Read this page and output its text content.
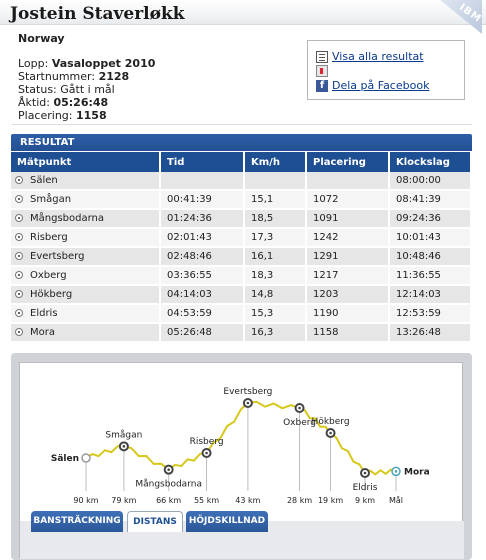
Jostein Staverløkk	IBM
Norway
Lopp: Vasaloppet 2010
Startnummer: 2128
Status: Gått i mål
Åktid: 05:26:48
Placering: 1158
Visa alla resultat
f Dela på Facebook
RESULTAT
Mätpunkt	Tid	Km/h	Placering	Klockslag
Sälen				08:00:00
Smågan	00:41:39	15,1	1072	08:41:39
Mångsbodarna	01:24:36	18,5	1091	09:24:36
Risberg	02:01:43	17,3	1242	10:01:43
Evertsberg	02:48:46	16,1	1291	10:48:46
Oxberg	03:36:55	18,3	1217	11:36:55
Hökberg	04:14:03	14,8	1203	12:14:03
Eldris	04:53:59	15,3	1190	12:53:59
Mora	05:26:48	16,3	1158	13:26:48
Sälen
90 km
Smågan
79 km
Mångsbodarna
66 km
Risberg
55 km
Evertsberg
43 km
Oxberg
28 km
Hökberg
19 km
Eldris
9 km
Mora
Mål
BANSTRÄCKNING	DISTANS	HÖJDSKILLNAD
